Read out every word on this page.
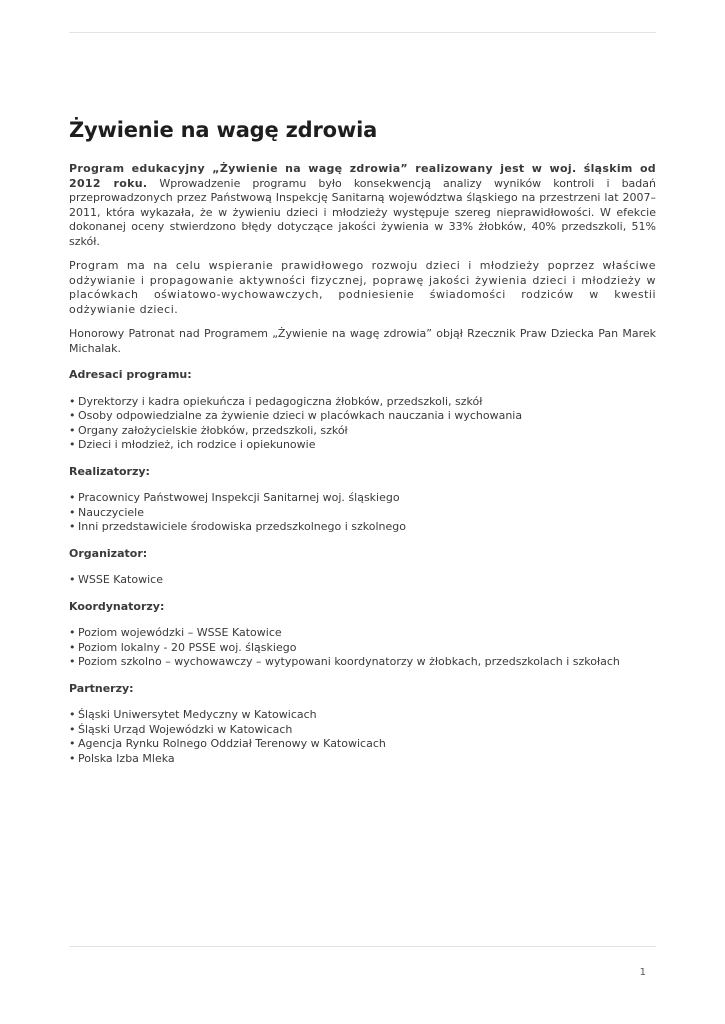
Żywienie na wagę zdrowia

Program edukacyjny „Żywienie na wagę zdrowia” realizowany jest w woj. śląskim od 2012 roku. Wprowadzenie programu było konsekwencją analizy wyników kontroli i badań przeprowadzonych przez Państwową Inspekcję Sanitarną województwa śląskiego na przestrzeni lat 2007–2011, która wykazała, że w żywieniu dzieci i młodzieży występuje szereg nieprawidłowości. W efekcie dokonanej oceny stwierdzono błędy dotyczące jakości żywienia w 33% żłobków, 40% przedszkoli, 51% szkół.

Program ma na celu wspieranie prawidłowego rozwoju dzieci i młodzieży poprzez właściwe odżywianie i propagowanie aktywności fizycznej, poprawę jakości żywienia dzieci i młodzieży w placówkach oświatowo-wychowawczych, podniesienie świadomości rodziców w kwestii odżywianie dzieci.

Honorowy Patronat nad Programem „Żywienie na wagę zdrowia” objął Rzecznik Praw Dziecka Pan Marek Michalak.

Adresaci programu:
• Dyrektorzy i kadra opiekuńcza i pedagogiczna żłobków, przedszkoli, szkół
• Osoby odpowiedzialne za żywienie dzieci w placówkach nauczania i wychowania
• Organy założycielskie żłobków, przedszkoli, szkół
• Dzieci i młodzież, ich rodzice i opiekunowie
Realizatorzy:
• Pracownicy Państwowej Inspekcji Sanitarnej woj. śląskiego
• Nauczyciele
• Inni przedstawiciele środowiska przedszkolnego i szkolnego
Organizator:
• WSSE Katowice
Koordynatorzy:
• Poziom wojewódzki – WSSE Katowice
• Poziom lokalny - 20 PSSE woj. śląskiego
• Poziom szkolno – wychowawczy – wytypowani koordynatorzy w żłobkach, przedszkolach i szkołach
Partnerzy:
• Śląski Uniwersytet Medyczny w Katowicach
• Śląski Urząd Wojewódzki w Katowicach
• Agencja Rynku Rolnego Oddział Terenowy w Katowicach
• Polska Izba Mleka
1
